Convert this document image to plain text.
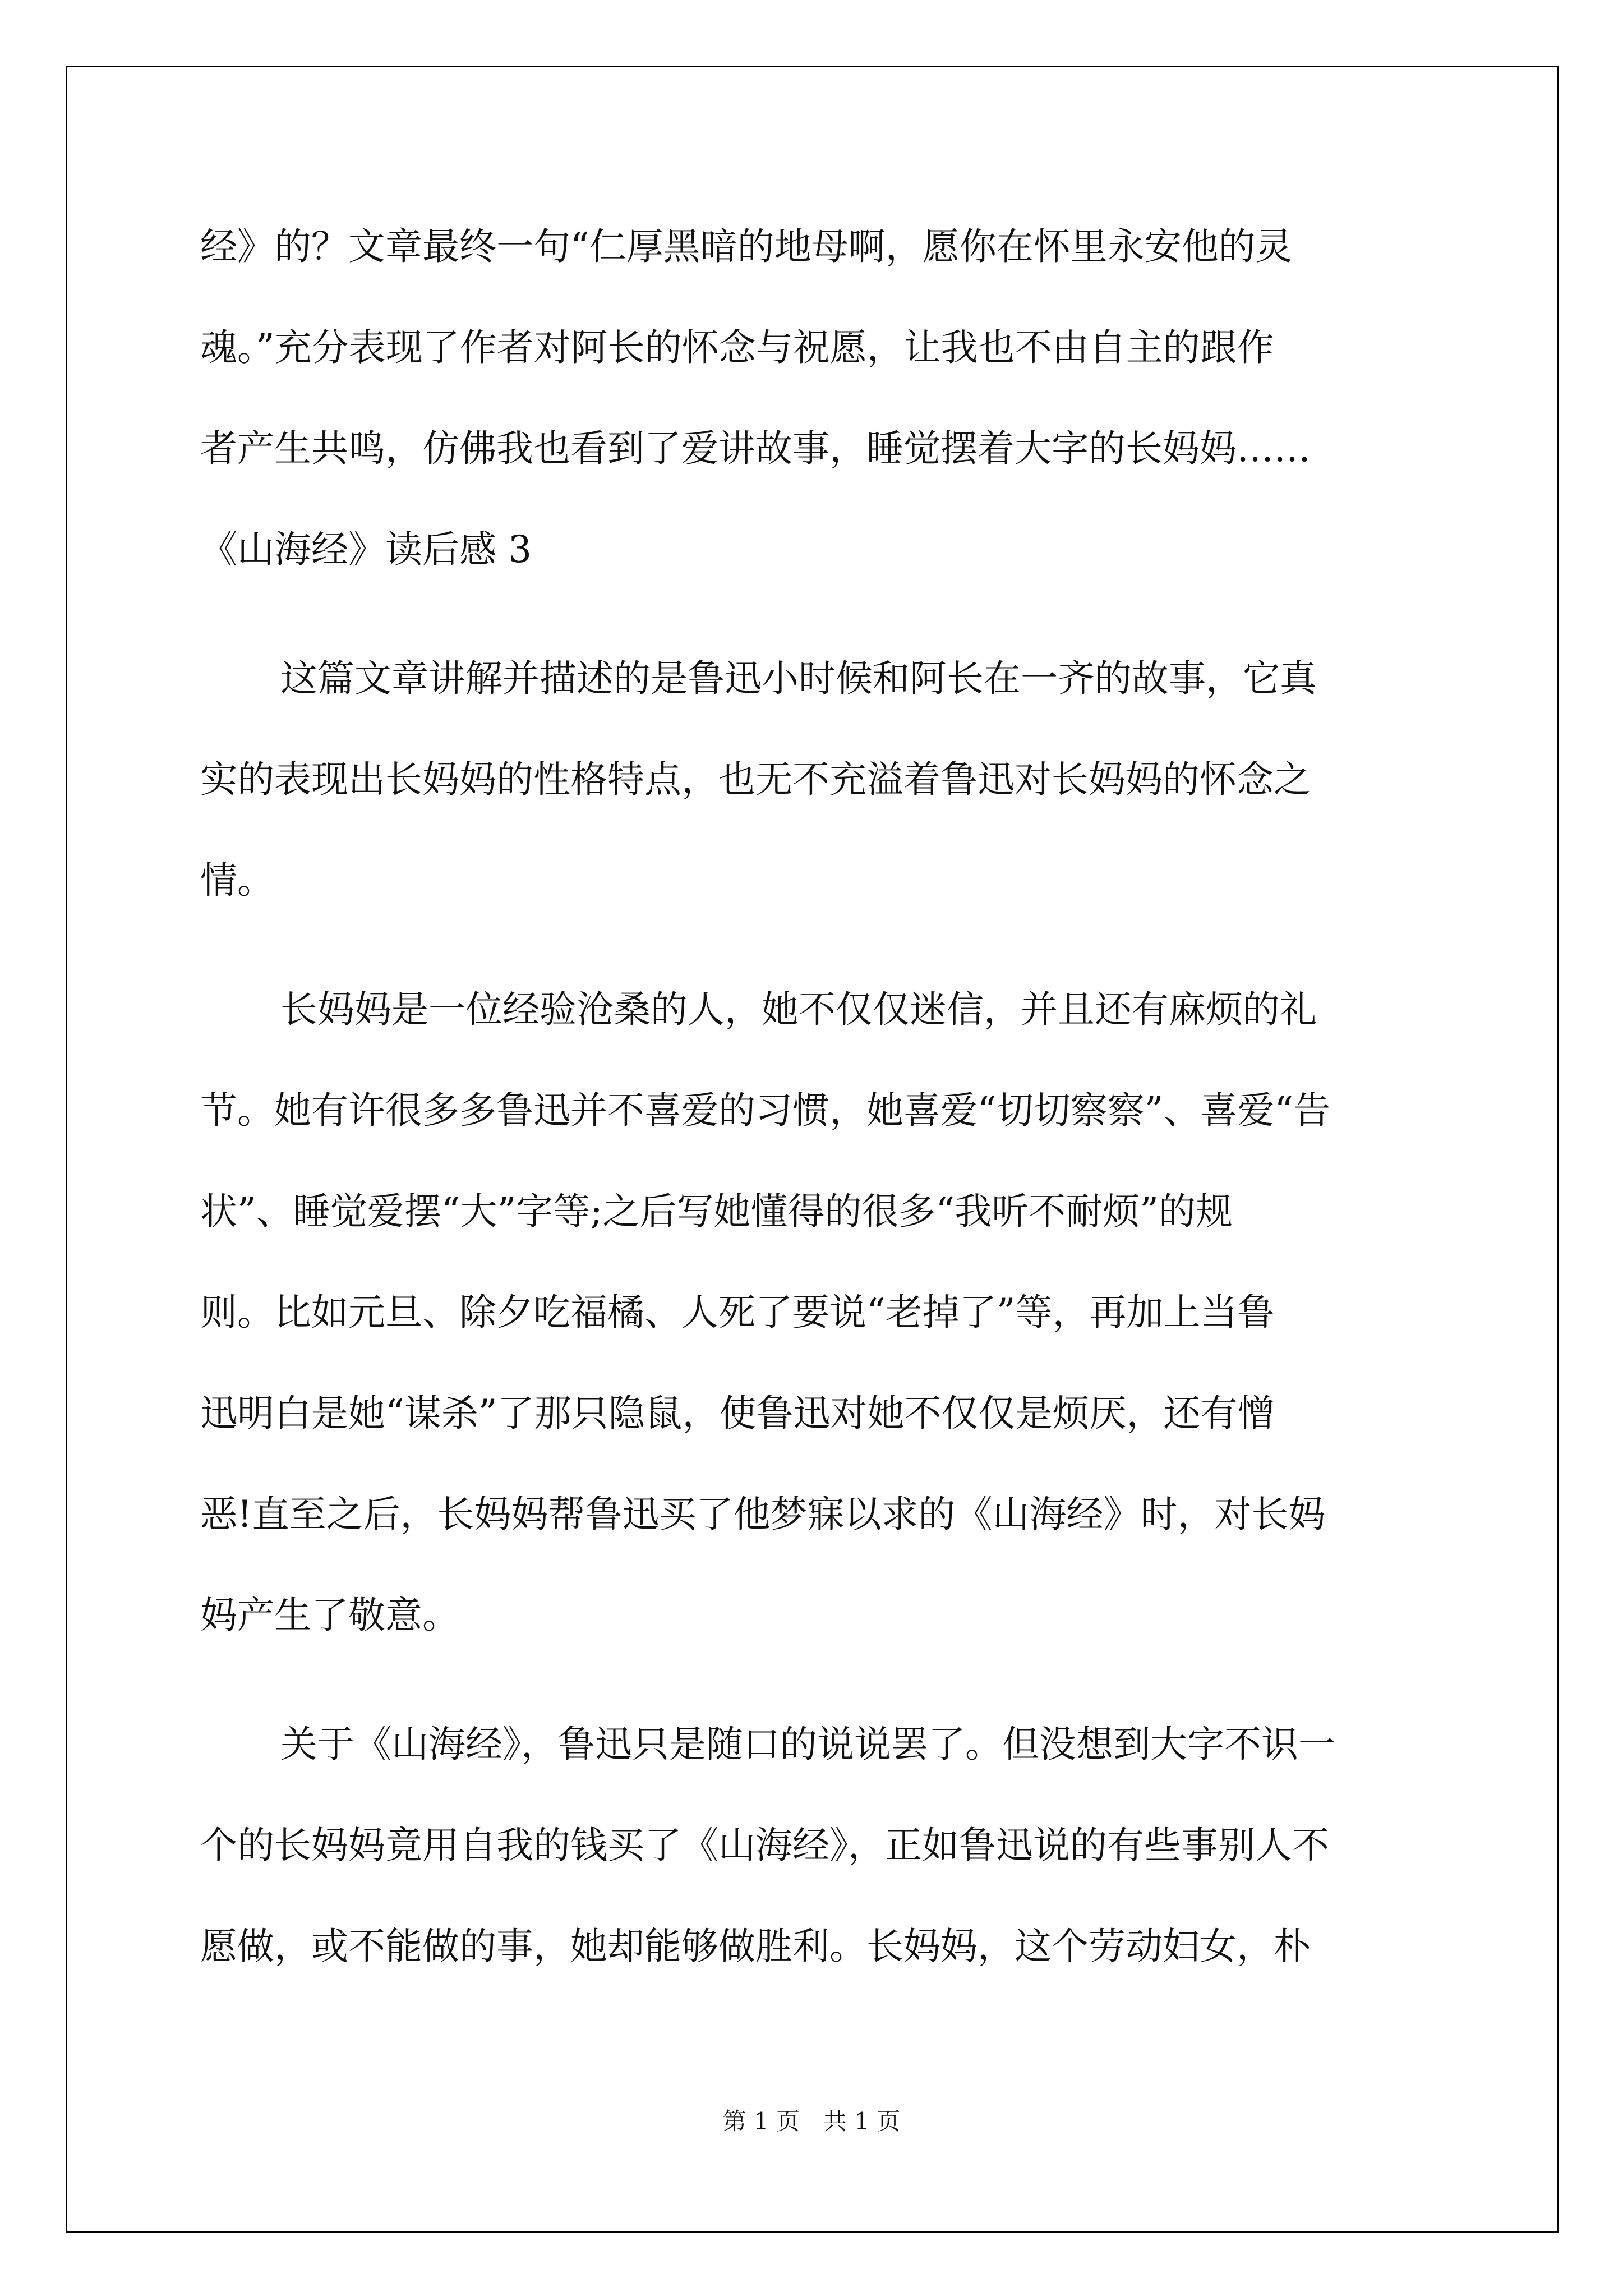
经》的？文章最终一句“仁厚黑暗的地母啊，愿你在怀里永安他的灵
魂。”充分表现了作者对阿长的怀念与祝愿，让我也不由自主的跟作
者产生共鸣，仿佛我也看到了爱讲故事，睡觉摆着大字的长妈妈……
《山海经》读后感 3
这篇文章讲解并描述的是鲁迅小时候和阿长在一齐的故事，它真
实的表现出长妈妈的性格特点，也无不充溢着鲁迅对长妈妈的怀念之
情。
长妈妈是一位经验沧桑的人，她不仅仅迷信，并且还有麻烦的礼
节。她有许很多多鲁迅并不喜爱的习惯，她喜爱“切切察察”、喜爱“告
状”、睡觉爱摆“大”字等;之后写她懂得的很多“我听不耐烦”的规
则。比如元旦、除夕吃福橘、人死了要说“老掉了”等，再加上当鲁
迅明白是她“谋杀”了那只隐鼠，使鲁迅对她不仅仅是烦厌，还有憎
恶!直至之后，长妈妈帮鲁迅买了他梦寐以求的《山海经》时，对长妈
妈产生了敬意。
关于《山海经》，鲁迅只是随口的说说罢了。但没想到大字不识一
个的长妈妈竟用自我的钱买了《山海经》，正如鲁迅说的有些事别人不
愿做，或不能做的事，她却能够做胜利。长妈妈，这个劳动妇女，朴
第 1 页　共 1 页
